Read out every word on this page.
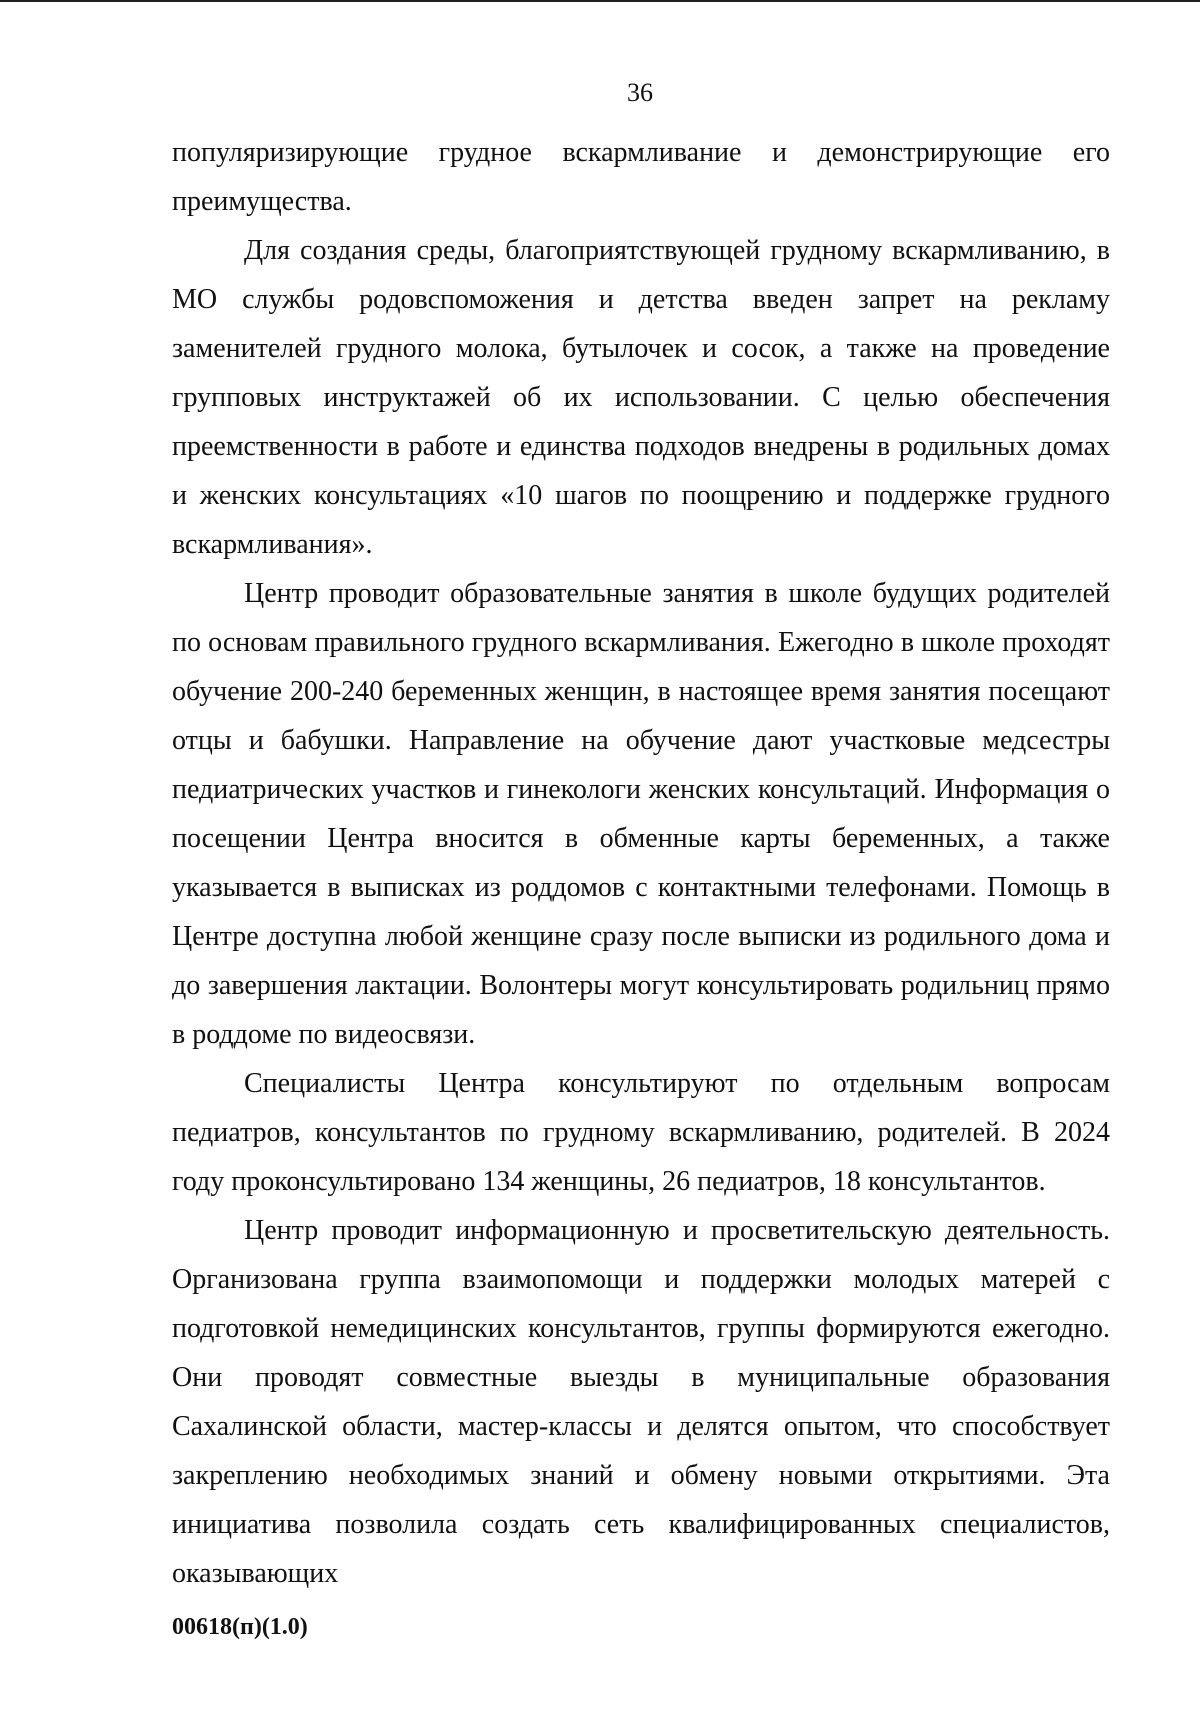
36

популяризирующие грудное вскармливание и демонстрирующие его преимущества.

Для создания среды, благоприятствующей грудному вскармливанию, в МО службы родовспоможения и детства введен запрет на рекламу заменителей грудного молока, бутылочек и сосок, а также на проведение групповых инструктажей об их использовании. С целью обеспечения преемственности в работе и единства подходов внедрены в родильных домах и женских консультациях «10 шагов по поощрению и поддержке грудного вскармливания».

Центр проводит образовательные занятия в школе будущих родителей по основам правильного грудного вскармливания. Ежегодно в школе проходят обучение 200-240 беременных женщин, в настоящее время занятия посещают отцы и бабушки. Направление на обучение дают участковые медсестры педиатрических участков и гинекологи женских консультаций. Информация о посещении Центра вносится в обменные карты беременных, а также указывается в выписках из роддомов с контактными телефонами. Помощь в Центре доступна любой женщине сразу после выписки из родильного дома и до завершения лактации. Волонтеры могут консультировать родильниц прямо в роддоме по видеосвязи.

Специалисты Центра консультируют по отдельным вопросам педиатров, консультантов по грудному вскармливанию, родителей. В 2024 году проконсультировано 134 женщины, 26 педиатров, 18 консультантов.

Центр проводит информационную и просветительскую деятельность. Организована группа взаимопомощи и поддержки молодых матерей с подготовкой немедицинских консультантов, группы формируются ежегодно. Они проводят совместные выезды в муниципальные образования Сахалинской области, мастер-классы и делятся опытом, что способствует закреплению необходимых знаний и обмену новыми открытиями. Эта инициатива позволила создать сеть квалифицированных специалистов, оказывающих

00618(п)(1.0)
